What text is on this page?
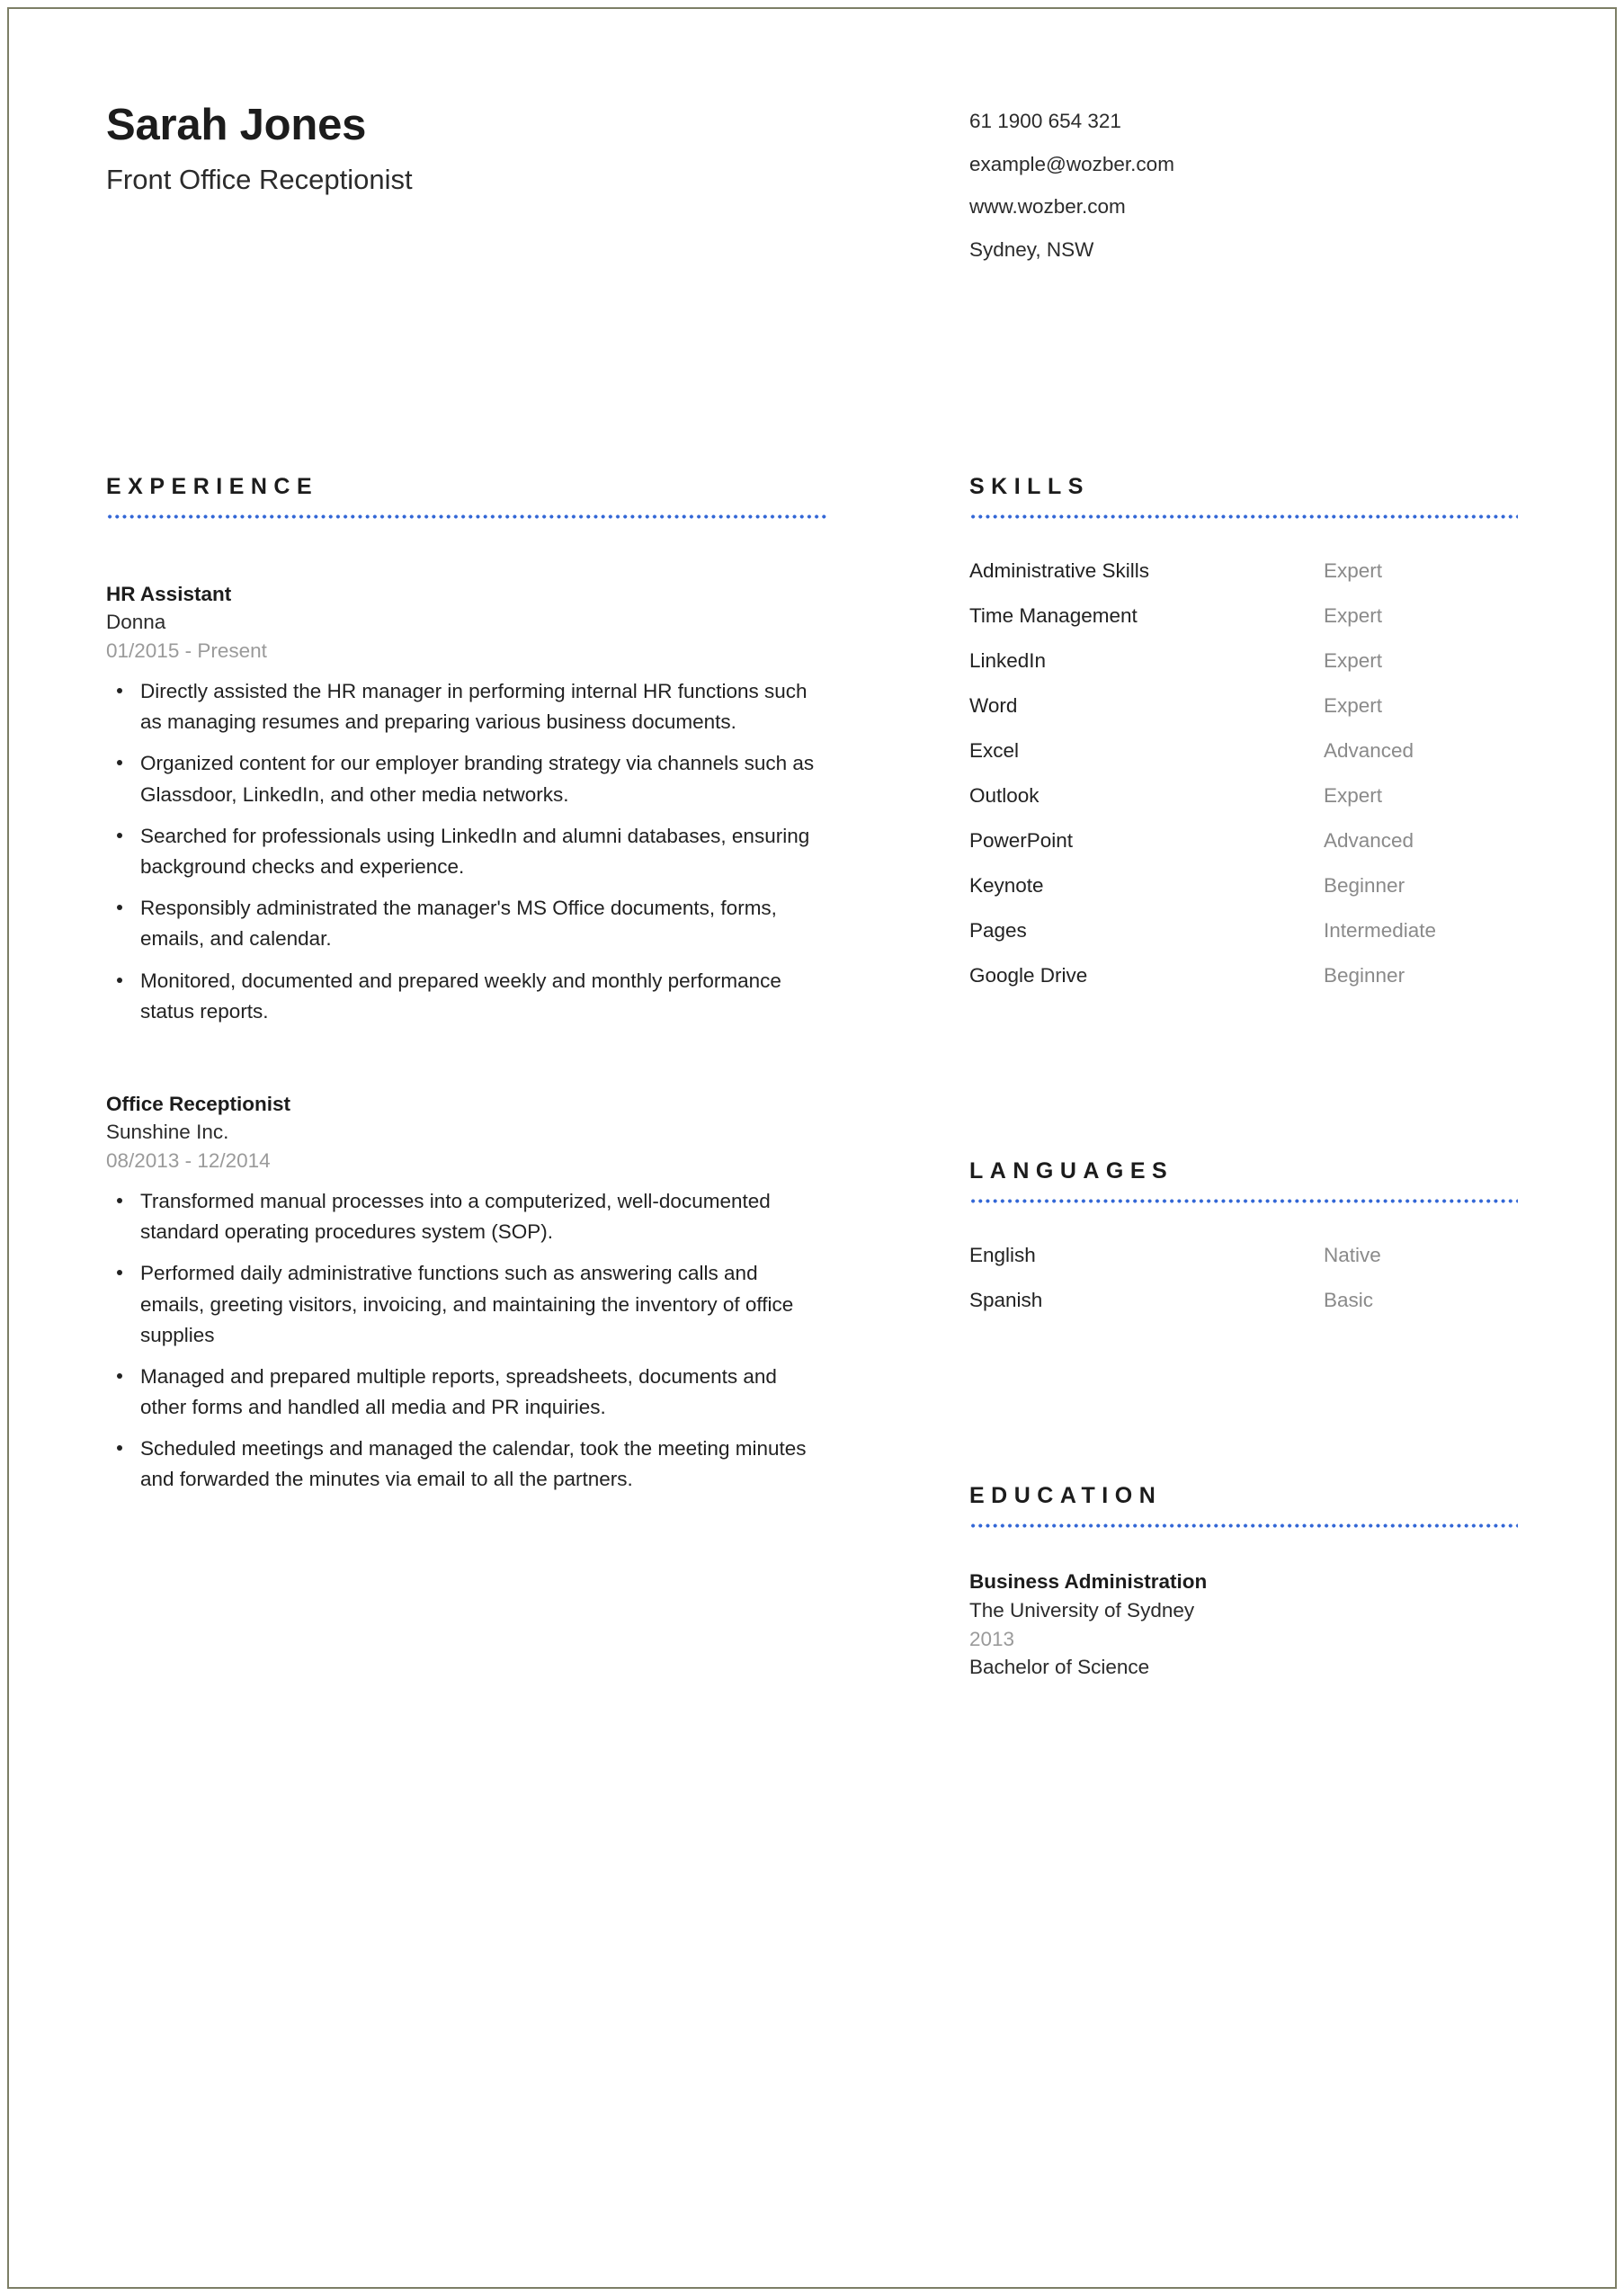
Sarah Jones
Front Office Receptionist
61 1900 654 321
example@wozber.com
www.wozber.com
Sydney, NSW
EXPERIENCE
HR Assistant
Donna
01/2015 - Present
Directly assisted the HR manager in performing internal HR functions such as managing resumes and preparing various business documents.
Organized content for our employer branding strategy via channels such as Glassdoor, LinkedIn, and other media networks.
Searched for professionals using LinkedIn and alumni databases, ensuring background checks and experience.
Responsibly administrated the manager's MS Office documents, forms, emails, and calendar.
Monitored, documented and prepared weekly and monthly performance status reports.
Office Receptionist
Sunshine Inc.
08/2013 - 12/2014
Transformed manual processes into a computerized, well-documented standard operating procedures system (SOP).
Performed daily administrative functions such as answering calls and emails, greeting visitors, invoicing, and maintaining the inventory of office supplies
Managed and prepared multiple reports, spreadsheets, documents and other forms and handled all media and PR inquiries.
Scheduled meetings and managed the calendar, took the meeting minutes and forwarded the minutes via email to all the partners.
SKILLS
Administrative Skills	Expert
Time Management	Expert
LinkedIn	Expert
Word	Expert
Excel	Advanced
Outlook	Expert
PowerPoint	Advanced
Keynote	Beginner
Pages	Intermediate
Google Drive	Beginner
LANGUAGES
English	Native
Spanish	Basic
EDUCATION
Business Administration
The University of Sydney
2013
Bachelor of Science
